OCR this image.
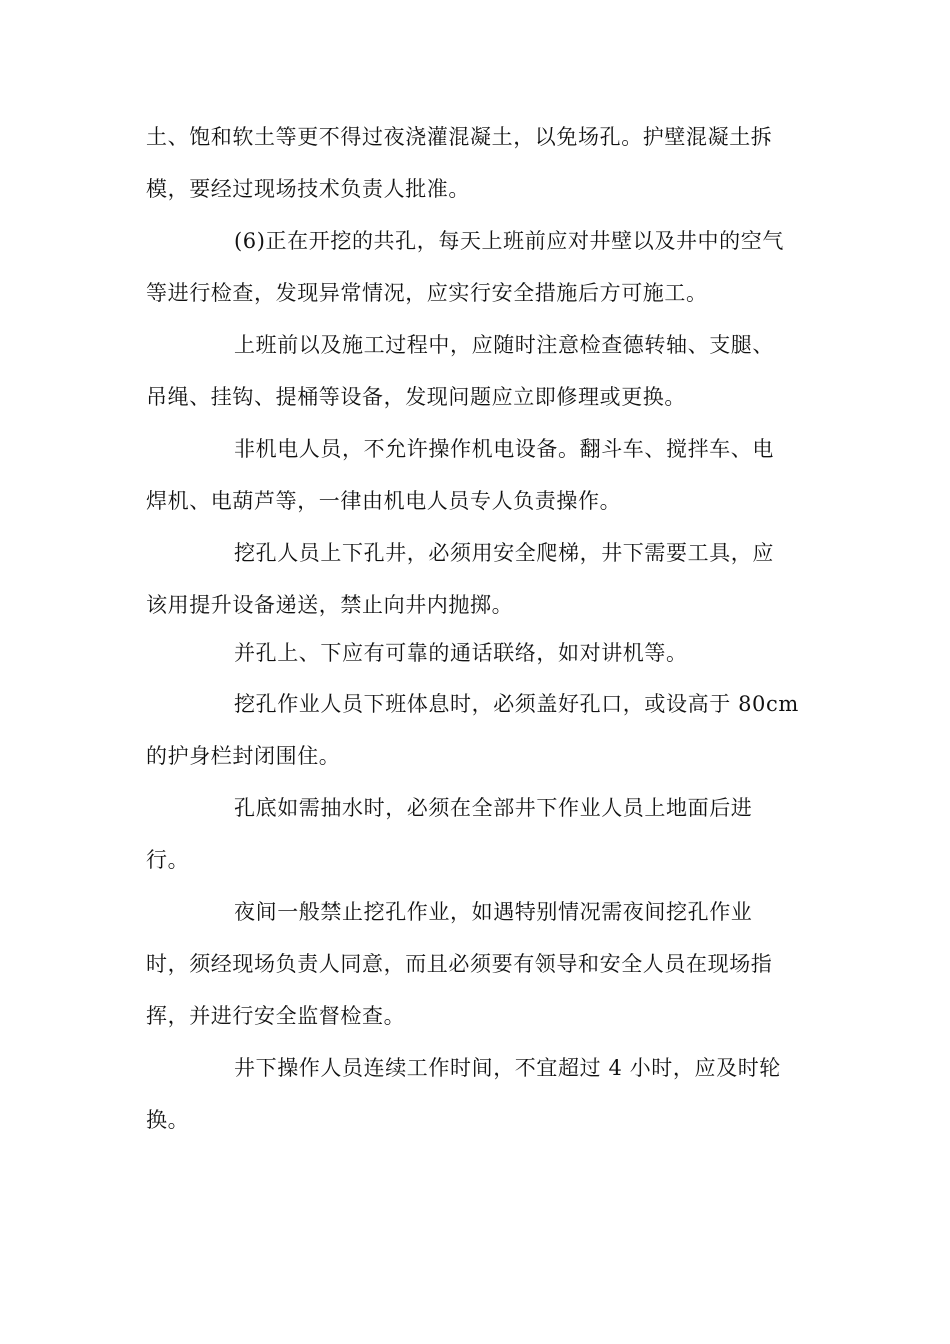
土、饱和软土等更不得过夜浇灌混凝土，以免场孔。护壁混凝土拆
模，要经过现场技术负责人批准。
(6)正在开挖的共孔，每天上班前应对井壁以及井中的空气
等进行检查，发现异常情况，应实行安全措施后方可施工。
上班前以及施工过程中，应随时注意检查德转轴、支腿、
吊绳、挂钩、提桶等设备，发现问题应立即修理或更换。
非机电人员，不允许操作机电设备。翻斗车、搅拌车、电
焊机、电葫芦等，一律由机电人员专人负责操作。
挖孔人员上下孔井，必须用安全爬梯，井下需要工具，应
该用提升设备递送，禁止向井内抛掷。
并孔上、下应有可靠的通话联络，如对讲机等。
挖孔作业人员下班体息时，必须盖好孔口，或设高于 80cm
的护身栏封闭围住。
孔底如需抽水时，必须在全部井下作业人员上地面后进
行。
夜间一般禁止挖孔作业，如遇特别情况需夜间挖孔作业
时，须经现场负责人同意，而且必须要有领导和安全人员在现场指
挥，并进行安全监督检查。
井下操作人员连续工作时间，不宜超过 4 小时，应及时轮
换。
